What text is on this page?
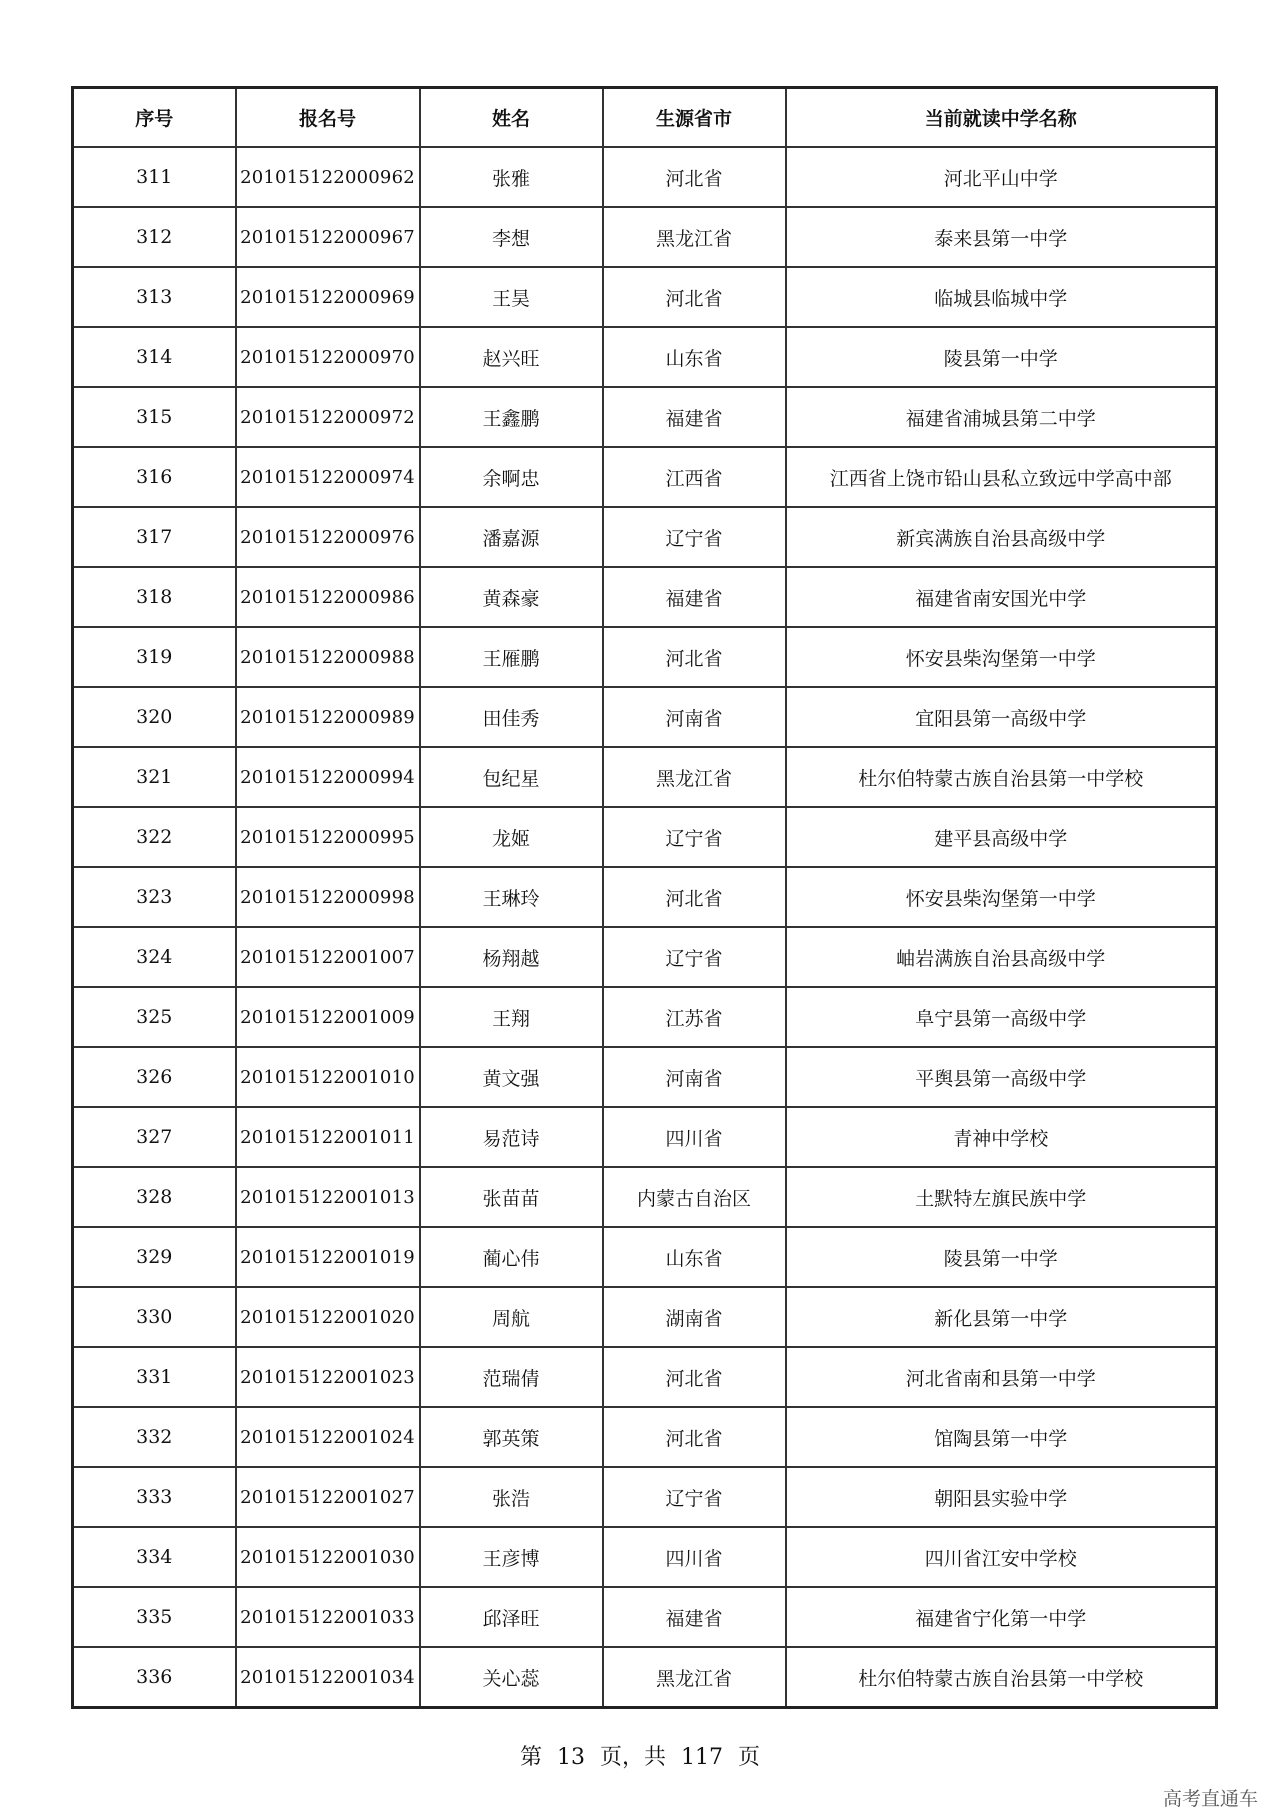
序号	报名号	姓名	生源省市	当前就读中学名称
311	201015122000962	张雅	河北省	河北平山中学
312	201015122000967	李想	黑龙江省	泰来县第一中学
313	201015122000969	王昊	河北省	临城县临城中学
314	201015122000970	赵兴旺	山东省	陵县第一中学
315	201015122000972	王鑫鹏	福建省	福建省浦城县第二中学
316	201015122000974	余啊忠	江西省	江西省上饶市铅山县私立致远中学高中部
317	201015122000976	潘嘉源	辽宁省	新宾满族自治县高级中学
318	201015122000986	黄森豪	福建省	福建省南安国光中学
319	201015122000988	王雁鹏	河北省	怀安县柴沟堡第一中学
320	201015122000989	田佳秀	河南省	宜阳县第一高级中学
321	201015122000994	包纪星	黑龙江省	杜尔伯特蒙古族自治县第一中学校
322	201015122000995	龙姬	辽宁省	建平县高级中学
323	201015122000998	王琳玲	河北省	怀安县柴沟堡第一中学
324	201015122001007	杨翔越	辽宁省	岫岩满族自治县高级中学
325	201015122001009	王翔	江苏省	阜宁县第一高级中学
326	201015122001010	黄文强	河南省	平舆县第一高级中学
327	201015122001011	易范诗	四川省	青神中学校
328	201015122001013	张苗苗	内蒙古自治区	土默特左旗民族中学
329	201015122001019	蔺心伟	山东省	陵县第一中学
330	201015122001020	周航	湖南省	新化县第一中学
331	201015122001023	范瑞倩	河北省	河北省南和县第一中学
332	201015122001024	郭英策	河北省	馆陶县第一中学
333	201015122001027	张浩	辽宁省	朝阳县实验中学
334	201015122001030	王彦博	四川省	四川省江安中学校
335	201015122001033	邱泽旺	福建省	福建省宁化第一中学
336	201015122001034	关心蕊	黑龙江省	杜尔伯特蒙古族自治县第一中学校
第 13 页，共 117 页
高考直通车
